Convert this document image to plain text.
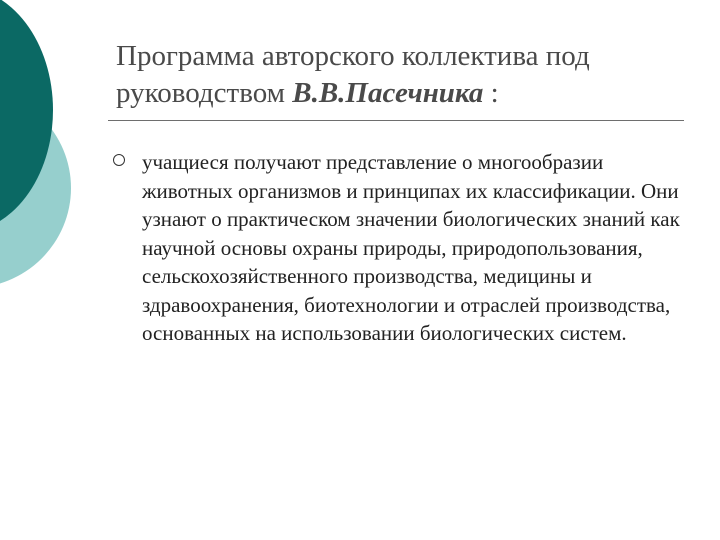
Программа авторского коллектива под руководством В.В.Пасечника :
учащиеся получают представление о многообразии животных организмов и принципах их классификации. Они узнают о практическом значении биологических знаний как научной основы охраны природы, природопользования, сельскохозяйственного производства, медицины и здравоохранения, биотехнологии и отраслей производства, основанных на использовании биологических систем.
